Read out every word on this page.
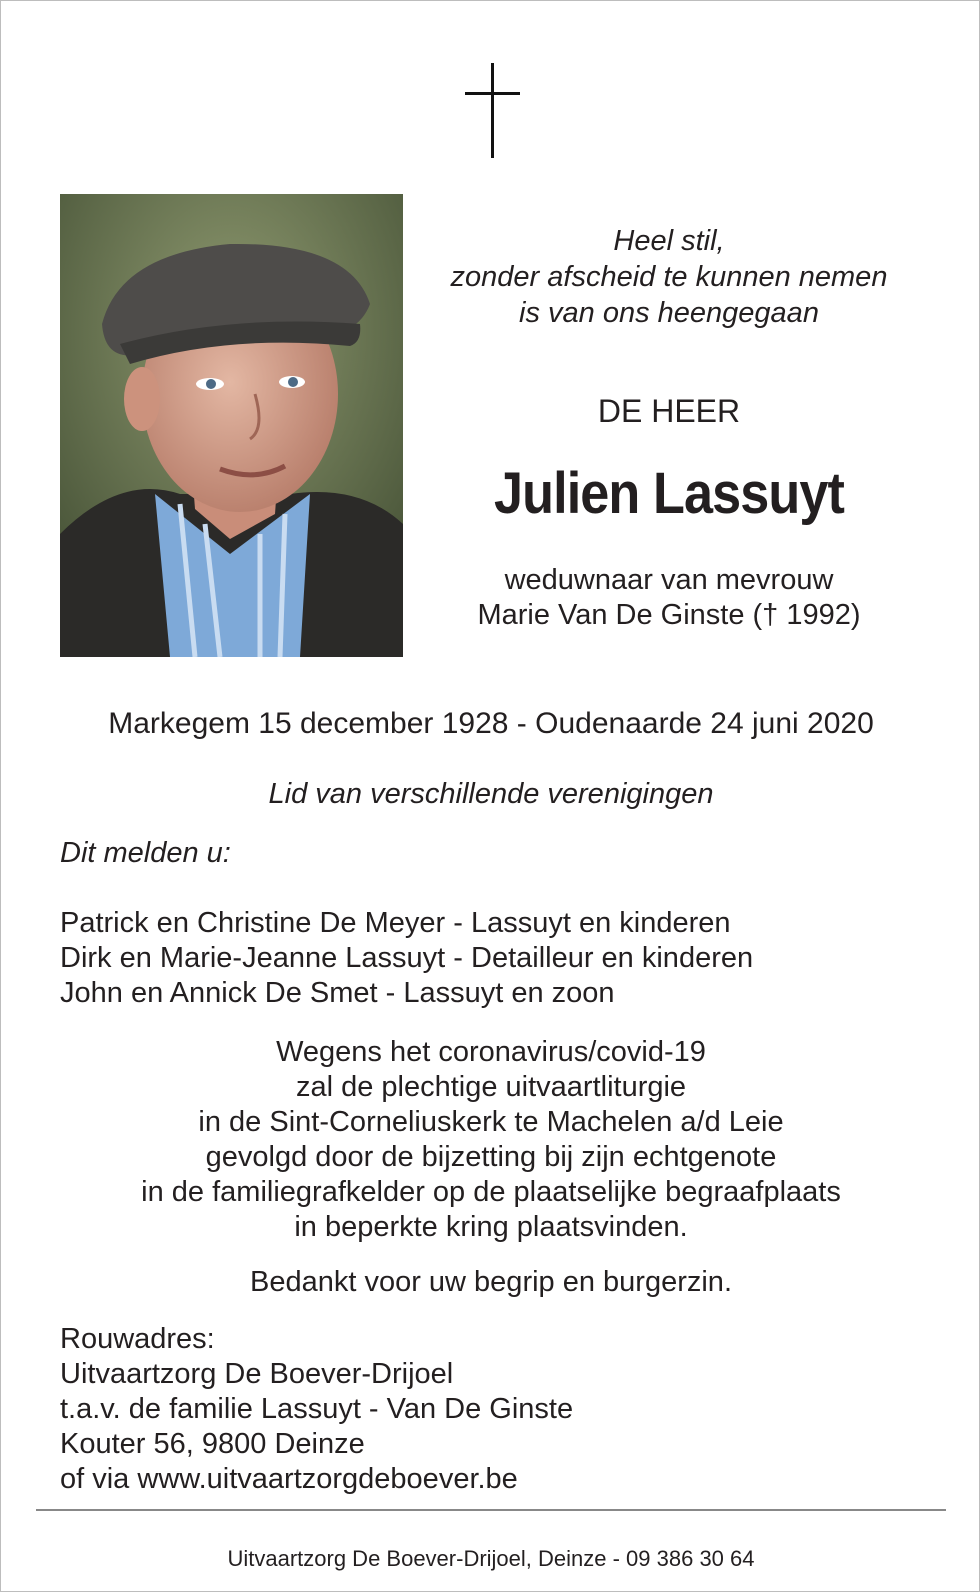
Heel stil,
zonder afscheid te kunnen nemen
is van ons heengegaan
DE HEER
Julien Lassuyt
weduwnaar van mevrouw
Marie Van De Ginste († 1992)
Markegem 15 december 1928 - Oudenaarde 24 juni 2020
Lid van verschillende verenigingen
Dit melden u:
Patrick en Christine De Meyer - Lassuyt en kinderen
Dirk en Marie-Jeanne Lassuyt - Detailleur en kinderen
John en Annick De Smet - Lassuyt en zoon
Wegens het coronavirus/covid-19
zal de plechtige uitvaartliturgie
in de Sint-Corneliuskerk te Machelen a/d Leie
gevolgd door de bijzetting bij zijn echtgenote
in de familiegrafkelder op de plaatselijke begraafplaats
in beperkte kring plaatsvinden.
Bedankt voor uw begrip en burgerzin.
Rouwadres:
Uitvaartzorg De Boever-Drijoel
t.a.v. de familie Lassuyt - Van De Ginste
Kouter 56, 9800 Deinze
of via www.uitvaartzorgdeboever.be
Uitvaartzorg De Boever-Drijoel, Deinze - 09 386 30 64
